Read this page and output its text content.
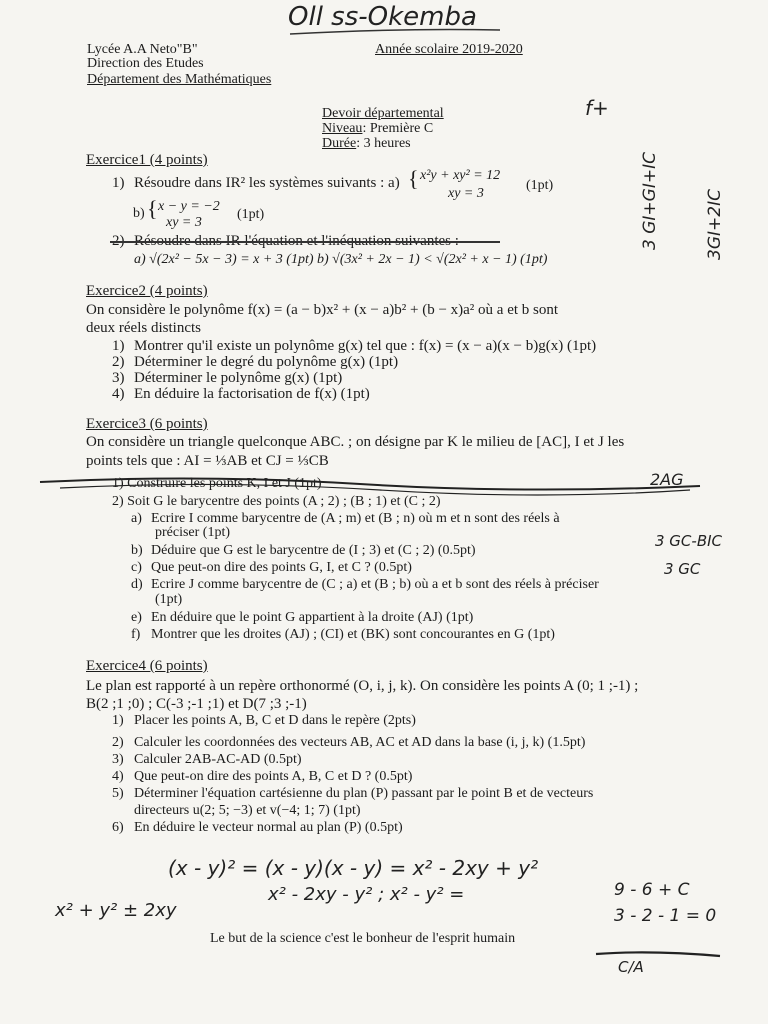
Oll ss-Okemba
Lycée A.A Neto"B"
Direction des Etudes
Département des Mathématiques
Année scolaire 2019-2020
Devoir départemental
Niveau: Première C
Durée: 3 heures
f+
3 GI+GI+IC	3GI+2IC
Exercice1 (4 points)
1) Résoudre dans IR² les systèmes suivants : a) { x²y + xy² = 12
xy = 3
(1pt)
b) { x − y = −2
xy = 3
(1pt)
2) Résoudre dans IR l'équation et l'inéquation suivantes :
a) √(2x² − 5x − 3) = x + 3 (1pt) b) √(3x² + 2x − 1) < √(2x² + x − 1) (1pt)
Exercice2 (4 points)
On considère le polynôme f(x) = (a − b)x² + (x − a)b² + (b − x)a² où a et b sont
deux réels distincts
1) Montrer qu'il existe un polynôme g(x) tel que : f(x) = (x − a)(x − b)g(x) (1pt)
2) Déterminer le degré du polynôme g(x) (1pt)
3) Déterminer le polynôme g(x) (1pt)
4) En déduire la factorisation de f(x) (1pt)
Exercice3 (6 points)
On considère un triangle quelconque ABC. ; on désigne par K le milieu de [AC], I et J les
points tels que : AI = ⅓AB et CJ = ⅓CB
1) Construire les points K, I et J (1pt)	2AG
2) Soit G le barycentre des points (A ; 2) ; (B ; 1) et (C ; 2)
a) Ecrire I comme barycentre de (A ; m) et (B ; n) où m et n sont des réels à
préciser (1pt)
b) Déduire que G est le barycentre de (I ; 3) et (C ; 2) (0.5pt)
c) Que peut-on dire des points G, I, et C ? (0.5pt)
d) Ecrire J comme barycentre de (C ; a) et (B ; b) où a et b sont des réels à préciser
(1pt)
e) En déduire que le point G appartient à la droite (AJ) (1pt)
f) Montrer que les droites (AJ) ; (CI) et (BK) sont concourantes en G (1pt)
3 GC-BIC
3 GC
Exercice4 (6 points)
Le plan est rapporté à un repère orthonormé (O, i, j, k). On considère les points A (0; 1 ;-1) ;
B(2 ;1 ;0) ; C(-3 ;-1 ;1) et D(7 ;3 ;-1)
1) Placer les points A, B, C et D dans le repère (2pts)
2) Calculer les coordonnées des vecteurs AB, AC et AD dans la base (i, j, k) (1.5pt)
3) Calculer 2AB-AC-AD (0.5pt)
4) Que peut-on dire des points A, B, C et D ? (0.5pt)
5) Déterminer l'équation cartésienne du plan (P) passant par le point B et de vecteurs
directeurs u(2; 5; −3) et v(−4; 1; 7) (1pt)
6) En déduire le vecteur normal au plan (P) (0.5pt)
(x - y)² = (x - y)(x - y) = x² - 2xy + y²
x² - 2xy - y² ; x² - y² =
x² + y² ± 2xy
9 - 6 + C
3 - 2 - 1 = 0
C/A
Le but de la science c'est le bonheur de l'esprit humain
